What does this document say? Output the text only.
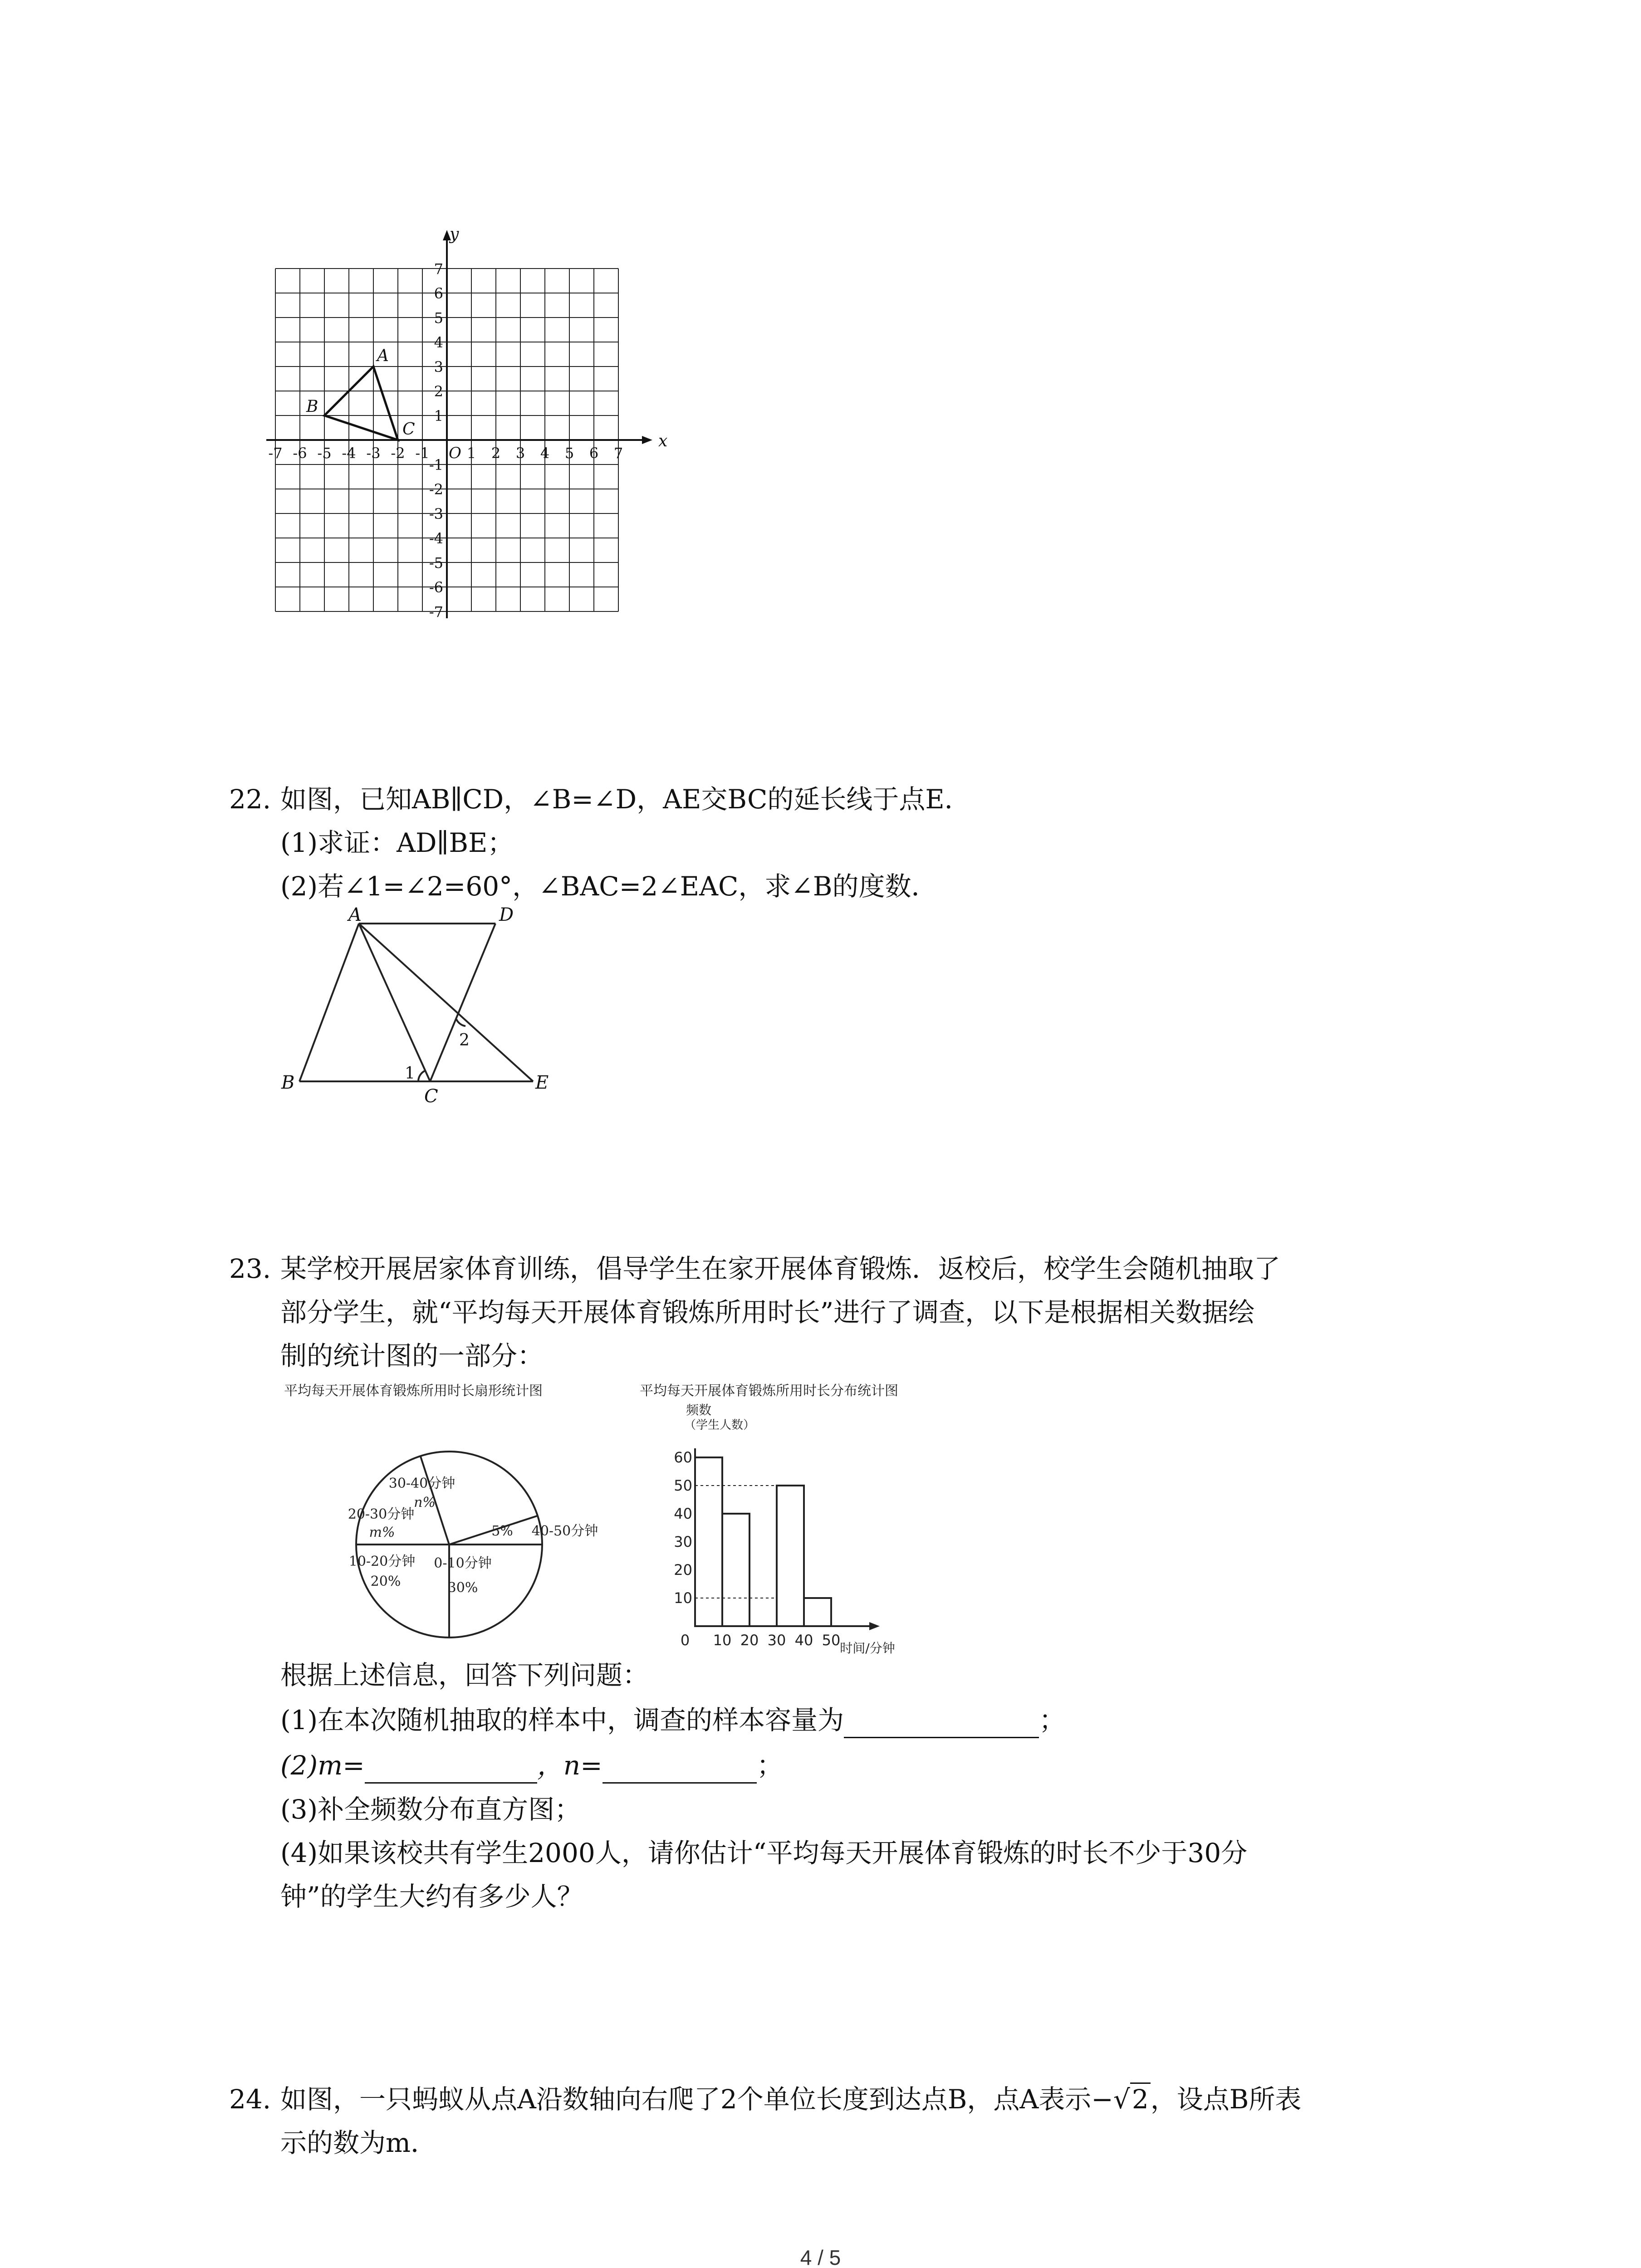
x
y
O
-7 -6 -5 -4 -3 -2 -1	1 2 3 4 5 6 7
7
6
5
4
3
2
1
-1
-2
-3
-4
-5
-6
-7
A
B
C
22. 如图，已知AB∥CD，∠B=∠D，AE交BC的延长线于点E．
(1)求证：AD∥BE；
(2)若∠1=∠2=60°，∠BAC=2∠EAC，求∠B的度数．
A	D
B
C
E
1
2
23. 某学校开展居家体育训练，倡导学生在家开展体育锻炼．返校后，校学生会随机抽取了
部分学生，就“平均每天开展体育锻炼所用时长”进行了调查，以下是根据相关数据绘
制的统计图的一部分：
平均每天开展体育锻炼所用时长扇形统计图
30-40分钟
n%
20-30分钟
m%	5% 40-50分钟
10-20分钟
20%
0-10分钟
30%
平均每天开展体育锻炼所用时长分布统计图
频数
（学生人数）
10
20
30
40
50
60
0 10 20 30 40 50
时间/分钟
根据上述信息，回答下列问题：
(1)在本次随机抽取的样本中，调查的样本容量为	；
(2)m=	，n=	；
(3)补全频数分布直方图；
(4)如果该校共有学生2000人，请你估计“平均每天开展体育锻炼的时长不少于30分
钟”的学生大约有多少人？
24. 如图，一只蚂蚁从点A沿数轴向右爬了2个单位长度到达点B，点A表示−√2，设点B所表
示的数为m．
4 / 5
